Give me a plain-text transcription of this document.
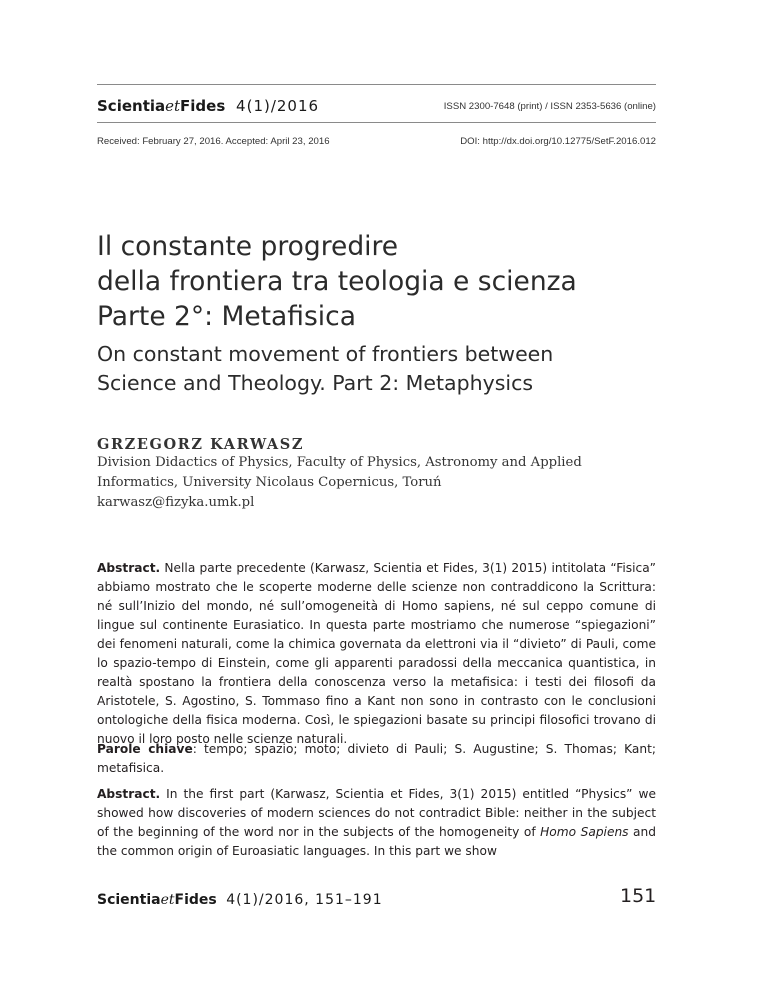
ScientiaetFides 4(1)/2016	ISSN 2300-7648 (print) / ISSN 2353-5636 (online)
Received: February 27, 2016. Accepted: April 23, 2016	DOI: http://dx.doi.org/10.12775/SetF.2016.012
Il constante progredire
della frontiera tra teologia e scienza
Parte 2°: Metafisica
On constant movement of frontiers between
Science and Theology. Part 2: Metaphysics
GRZEGORZ KARWASZ
Division Didactics of Physics, Faculty of Physics, Astronomy and Applied
Informatics, University Nicolaus Copernicus, Toruń
karwasz@fizyka.umk.pl
Abstract. Nella parte precedente (Karwasz, Scientia et Fides, 3(1) 2015) intitolata “Fisica” abbiamo mostrato che le scoperte moderne delle scienze non contraddicono la Scrittura: né sull’Inizio del mondo, né sull’omogeneità di Homo sapiens, né sul ceppo comune di lingue sul continente Eurasiatico. In questa parte mostriamo che numerose “spiegazioni” dei fenomeni naturali, come la chimica governata da elettroni via il “divieto” di Pauli, come lo spazio-tempo di Einstein, come gli apparenti paradossi della meccanica quantistica, in realtà spostano la frontiera della conoscenza verso la metafisica: i testi dei filosofi da Aristotele, S. Agostino, S. Tommaso fino a Kant non sono in contrasto con le conclusioni ontologiche della fisica moderna. Così, le spiegazioni basate su principi filosofici trovano di nuovo il loro posto nelle scienze naturali.
Parole chiave: tempo; spazio; moto; divieto di Pauli; S. Augustine; S. Thomas; Kant; metafisica.
Abstract. In the first part (Karwasz, Scientia et Fides, 3(1) 2015) entitled “Physics” we showed how discoveries of modern sciences do not contradict Bible: neither in the subject of the beginning of the word nor in the subjects of the homogeneity of Homo Sapiens and the common origin of Euroasiatic languages. In this part we show
ScientiaetFides 4(1)/2016, 151–191	151
